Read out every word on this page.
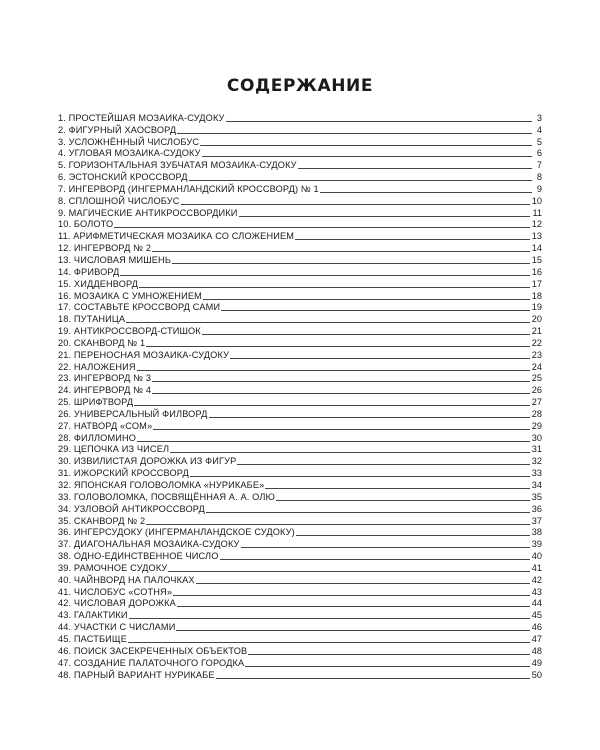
СОДЕРЖАНИЕ
1. ПРОСТЕЙШАЯ МОЗАИКА-СУДОКУ	3
2. ФИГУРНЫЙ ХАОСВОРД	4
3. УСЛОЖНЁННЫЙ ЧИСЛОБУС	5
4. УГЛОВАЯ МОЗАИКА-СУДОКУ	6
5. ГОРИЗОНТАЛЬНАЯ ЗУБЧАТАЯ МОЗАИКА-СУДОКУ	7
6. ЭСТОНСКИЙ КРОССВОРД	8
7. ИНГЕРВОРД (ИНГЕРМАНЛАНДСКИЙ КРОССВОРД) № 1	9
8. СПЛОШНОЙ ЧИСЛОБУС	10
9. МАГИЧЕСКИЕ АНТИКРОССВОРДИКИ	11
10. БОЛОТО	12
11. АРИФМЕТИЧЕСКАЯ МОЗАИКА СО СЛОЖЕНИЕМ	13
12. ИНГЕРВОРД № 2	14
13. ЧИСЛОВАЯ МИШЕНЬ	15
14. ФРИВОРД	16
15. ХИДДЕНВОРД	17
16. МОЗАИКА С УМНОЖЕНИЕМ	18
17. СОСТАВЬТЕ КРОССВОРД САМИ	19
18. ПУТАНИЦА	20
19. АНТИКРОССВОРД-СТИШОК	21
20. СКАНВОРД № 1	22
21. ПЕРЕНОСНАЯ МОЗАИКА-СУДОКУ	23
22. НАЛОЖЕНИЯ	24
23. ИНГЕРВОРД № 3	25
24. ИНГЕРВОРД № 4	26
25. ШРИФТВОРД	27
26. УНИВЕРСАЛЬНЫЙ ФИЛВОРД	28
27. НАТВОРД «СОМ»	29
28. ФИЛЛОМИНО	30
29. ЦЕПОЧКА ИЗ ЧИСЕЛ	31
30. ИЗВИЛИСТАЯ ДОРОЖКА ИЗ ФИГУР	32
31. ИЖОРСКИЙ КРОССВОРД	33
32. ЯПОНСКАЯ ГОЛОВОЛОМКА «НУРИКАБЕ»	34
33. ГОЛОВОЛОМКА, ПОСВЯЩЁННАЯ А. А. ОЛЮ	35
34. УЗЛОВОЙ АНТИКРОССВОРД	36
35. СКАНВОРД № 2	37
36. ИНГЕРСУДОКУ (ИНГЕРМАНЛАНДСКОЕ СУДОКУ)	38
37. ДИАГОНАЛЬНАЯ МОЗАИКА-СУДОКУ	39
38. ОДНО-ЕДИНСТВЕННОЕ ЧИСЛО	40
39. РАМОЧНОЕ СУДОКУ	41
40. ЧАЙНВОРД НА ПАЛОЧКАХ	42
41. ЧИСЛОБУС «СОТНЯ»	43
42. ЧИСЛОВАЯ ДОРОЖКА	44
43. ГАЛАКТИКИ	45
44. УЧАСТКИ С ЧИСЛАМИ	46
45. ПАСТБИЩЕ	47
46. ПОИСК ЗАСЕКРЕЧЕННЫХ ОБЪЕКТОВ	48
47. СОЗДАНИЕ ПАЛАТОЧНОГО ГОРОДКА	49
48. ПАРНЫЙ ВАРИАНТ НУРИКАБЕ	50
